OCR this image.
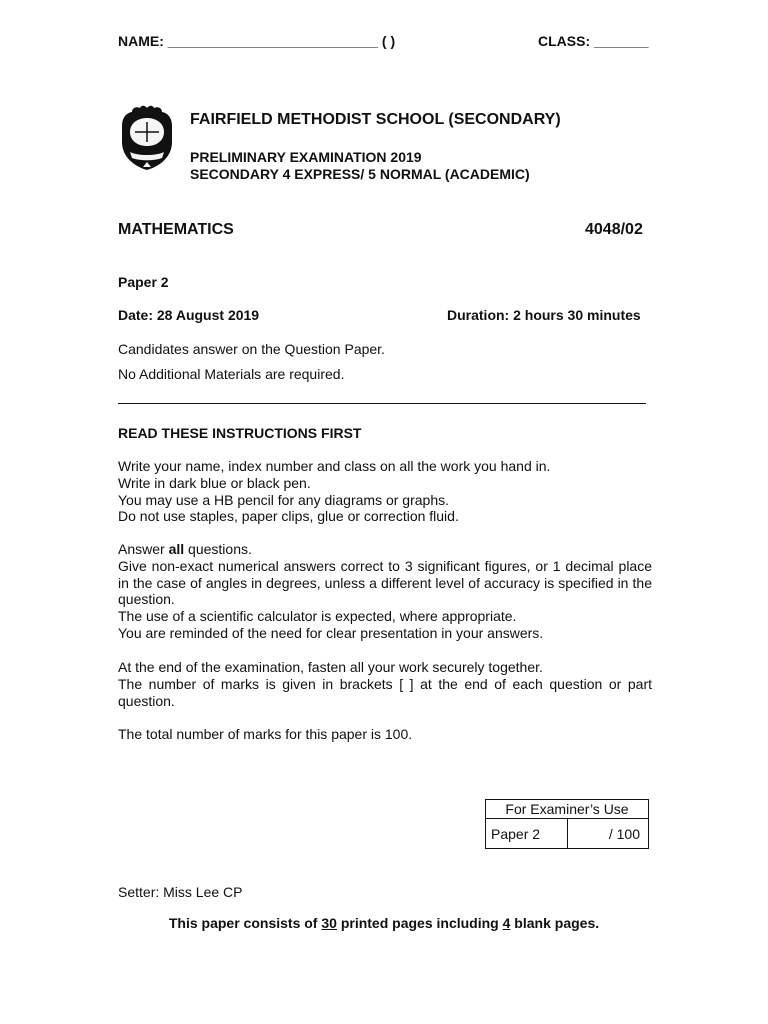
NAME: ___________________________ ( )	CLASS: _______
FAIRFIELD METHODIST SCHOOL (SECONDARY)
PRELIMINARY EXAMINATION 2019
SECONDARY 4 EXPRESS/ 5 NORMAL (ACADEMIC)
MATHEMATICS	4048/02
Paper 2
Date: 28 August 2019	Duration: 2 hours 30 minutes
Candidates answer on the Question Paper.
No Additional Materials are required.
READ THESE INSTRUCTIONS FIRST

Write your name, index number and class on all the work you hand in.

Write in dark blue or black pen.

You may use a HB pencil for any diagrams or graphs.

Do not use staples, paper clips, glue or correction fluid.

Answer all questions.

Give non-exact numerical answers correct to 3 significant figures, or 1 decimal place in the case of angles in degrees, unless a different level of accuracy is specified in the question.

The use of a scientific calculator is expected, where appropriate.

You are reminded of the need for clear presentation in your answers.

At the end of the examination, fasten all your work securely together.

The number of marks is given in brackets [ ] at the end of each question or part question.

The total number of marks for this paper is 100.

For Examiner’s Use
Paper 2	/ 100
Setter: Miss Lee CP
This paper consists of 30 printed pages including 4 blank pages.
